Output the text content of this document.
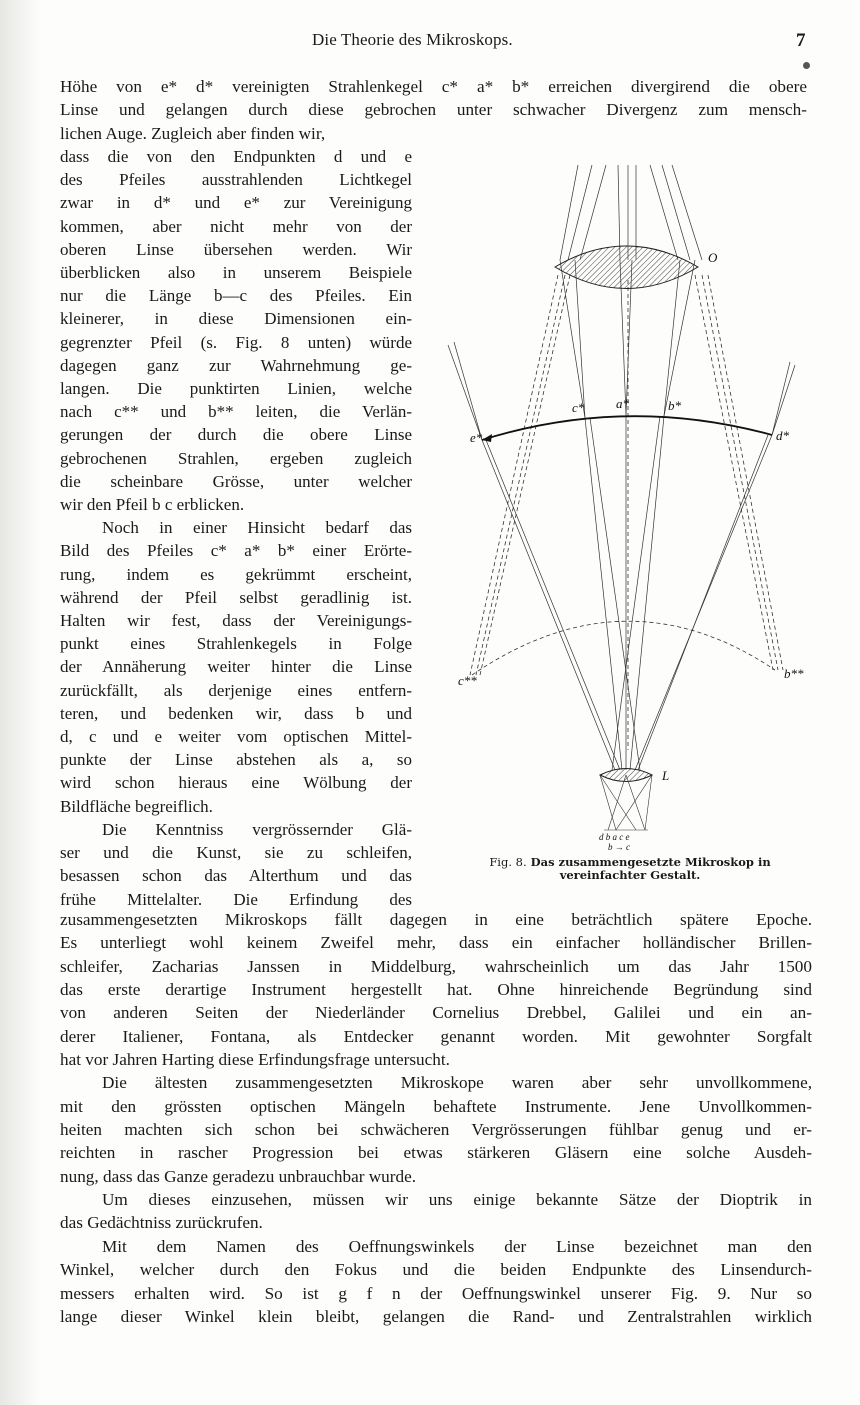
Die Theorie des Mikroskops.	7
Höhe von e* d* vereinigten Strahlenkegel c* a* b* erreichen divergirend die obere
Linse und gelangen durch diese gebrochen unter schwacher Divergenz zum mensch-
lichen Auge. Zugleich aber finden wir,
dass die von den Endpunkten d und e
des Pfeiles ausstrahlenden Lichtkegel
zwar in d* und e* zur Vereinigung
kommen, aber nicht mehr von der
oberen Linse übersehen werden. Wir
überblicken also in unserem Beispiele
nur die Länge b—c des Pfeiles. Ein
kleinerer, in diese Dimensionen ein-
gegrenzter Pfeil (s. Fig. 8 unten) würde
dagegen ganz zur Wahrnehmung ge-
langen. Die punktirten Linien, welche
nach c** und b** leiten, die Verlän-
gerungen der durch die obere Linse
gebrochenen Strahlen, ergeben zugleich
die scheinbare Grösse, unter welcher
wir den Pfeil b c erblicken.
Noch in einer Hinsicht bedarf das
Bild des Pfeiles c* a* b* einer Erörte-
rung, indem es gekrümmt erscheint,
während der Pfeil selbst geradlinig ist.
Halten wir fest, dass der Vereinigungs-
punkt eines Strahlenkegels in Folge
der Annäherung weiter hinter die Linse
zurückfällt, als derjenige eines entfern-
teren, und bedenken wir, dass b und
d, c und e weiter vom optischen Mittel-
punkte der Linse abstehen als a, so
wird schon hieraus eine Wölbung der
Bildfläche begreiflich.
Die Kenntniss vergrössernder Glä-
ser und die Kunst, sie zu schleifen,
besassen schon das Alterthum und das
frühe Mittelalter. Die Erfindung des
O
c* a*	b*
e*	d*
c**	b**
L
d b a c e
b → c
Fig. 8. Das zusammengesetzte Mikroskop in vereinfachter Gestalt.
zusammengesetzten Mikroskops fällt dagegen in eine beträchtlich spätere Epoche.
Es unterliegt wohl keinem Zweifel mehr, dass ein einfacher holländischer Brillen-
schleifer, Zacharias Janssen in Middelburg, wahrscheinlich um das Jahr 1500
das erste derartige Instrument hergestellt hat. Ohne hinreichende Begründung sind
von anderen Seiten der Niederländer Cornelius Drebbel, Galilei und ein an-
derer Italiener, Fontana, als Entdecker genannt worden. Mit gewohnter Sorgfalt
hat vor Jahren Harting diese Erfindungsfrage untersucht.
Die ältesten zusammengesetzten Mikroskope waren aber sehr unvollkommene,
mit den grössten optischen Mängeln behaftete Instrumente. Jene Unvollkommen-
heiten machten sich schon bei schwächeren Vergrösserungen fühlbar genug und er-
reichten in rascher Progression bei etwas stärkeren Gläsern eine solche Ausdeh-
nung, dass das Ganze geradezu unbrauchbar wurde.
Um dieses einzusehen, müssen wir uns einige bekannte Sätze der Dioptrik in
das Gedächtniss zurückrufen.
Mit dem Namen des Oeffnungswinkels der Linse bezeichnet man den
Winkel, welcher durch den Fokus und die beiden Endpunkte des Linsendurch-
messers erhalten wird. So ist g f n der Oeffnungswinkel unserer Fig. 9. Nur so
lange dieser Winkel klein bleibt, gelangen die Rand- und Zentralstrahlen wirklich
